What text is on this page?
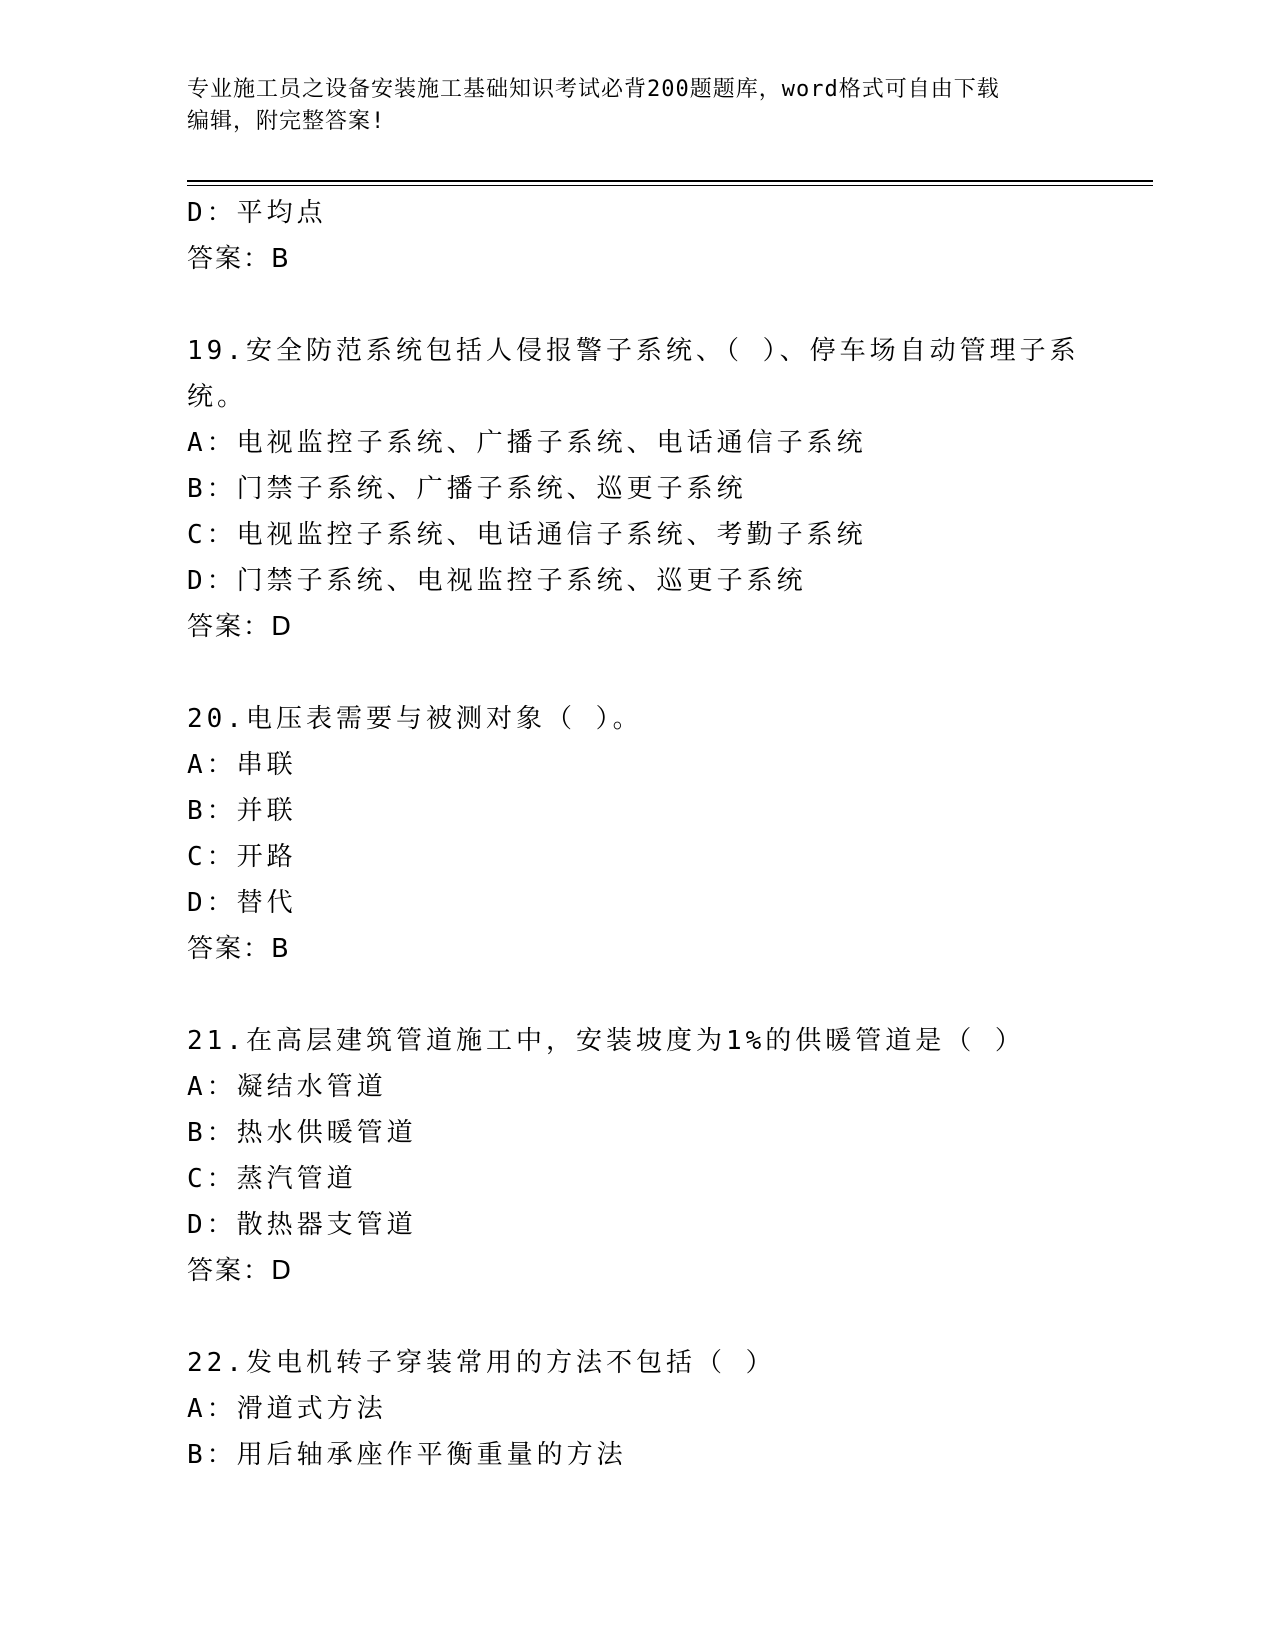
专业施工员之设备安装施工基础知识考试必背200题题库，word格式可自由下载
编辑，附完整答案!

D：平均点

答案：B

19.安全防范系统包括人侵报警子系统、（ ）、停车场自动管理子系

统。

A：电视监控子系统、广播子系统、电话通信子系统

B：门禁子系统、广播子系统、巡更子系统

C：电视监控子系统、电话通信子系统、考勤子系统

D：门禁子系统、电视监控子系统、巡更子系统

答案：D

20.电压表需要与被测对象（ ）。

A：串联

B：并联

C：开路

D：替代

答案：B

21.在高层建筑管道施工中，安装坡度为1%的供暖管道是（ ）

A：凝结水管道

B：热水供暖管道

C：蒸汽管道

D：散热器支管道

答案：D

22.发电机转子穿装常用的方法不包括（ ）

A：滑道式方法

B：用后轴承座作平衡重量的方法
